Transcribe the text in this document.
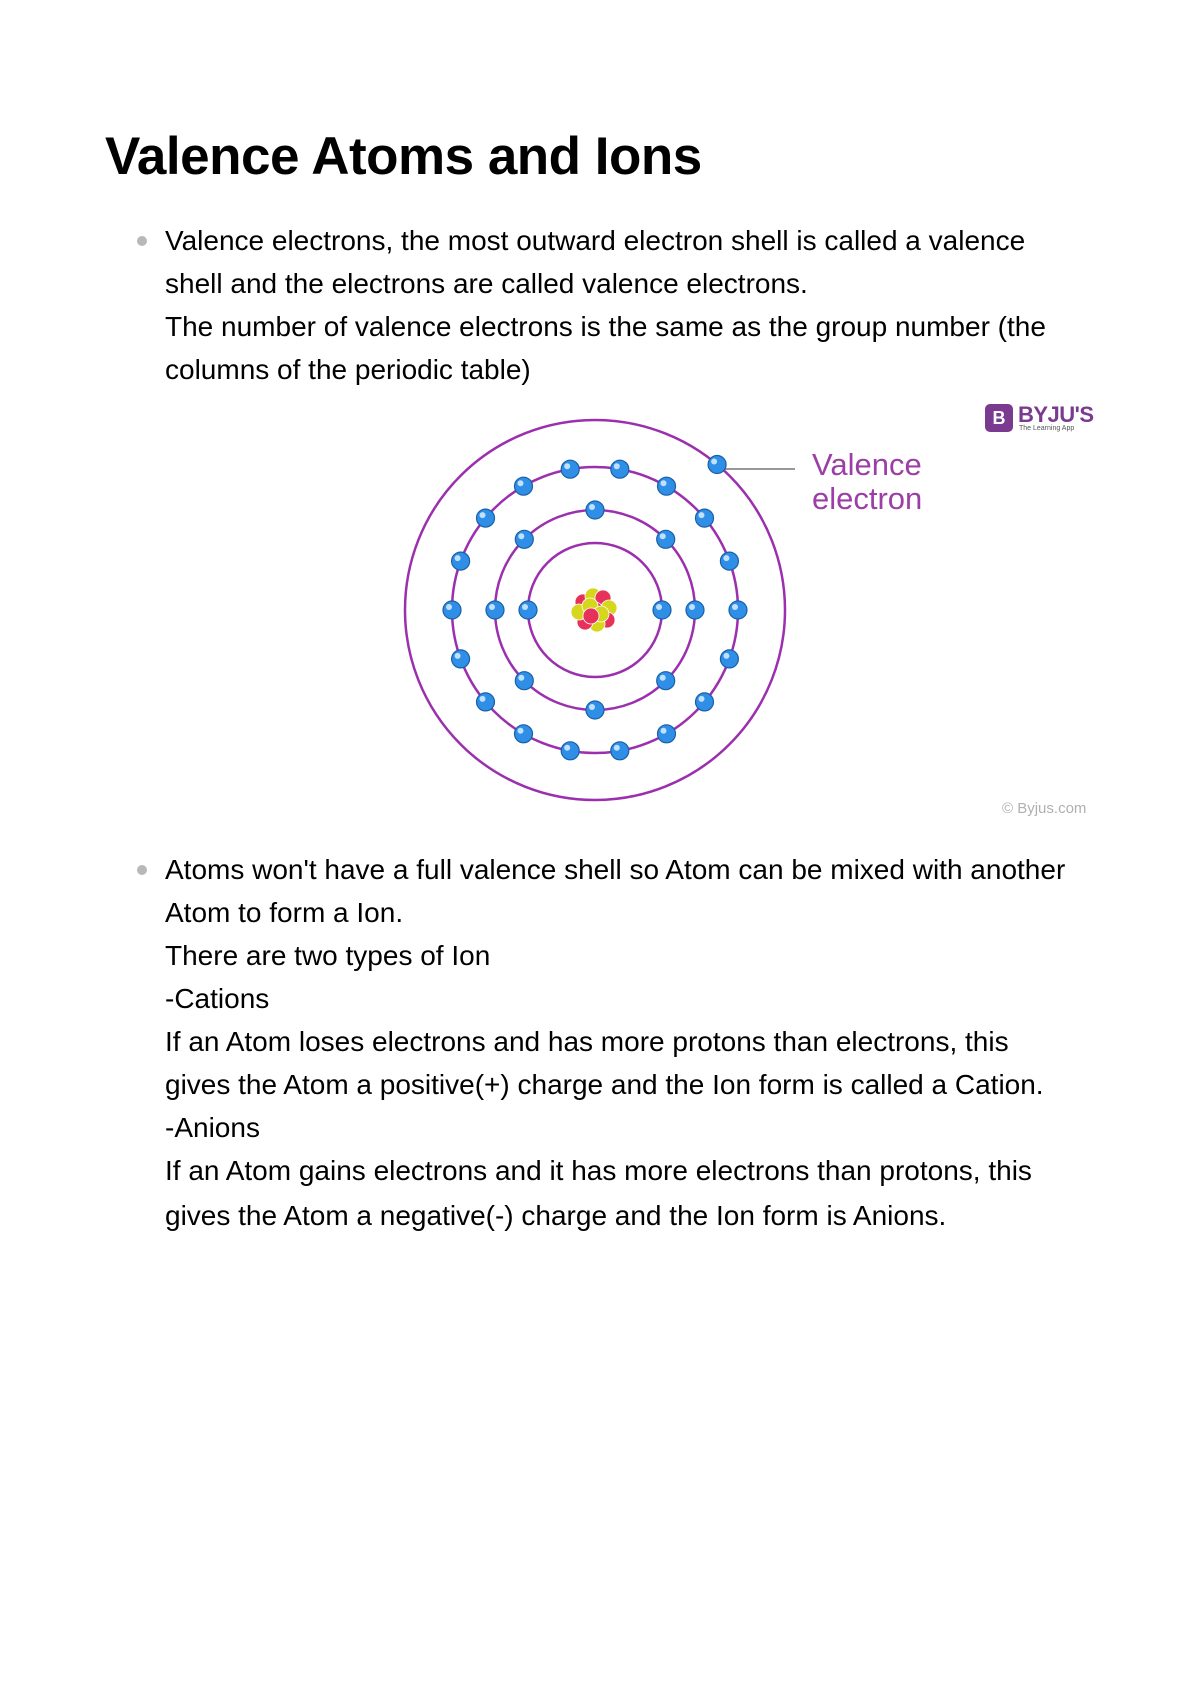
Valence Atoms and Ions
Valence electrons, the most outward electron shell is called a valence
shell and the electrons are called valence electrons.
The number of valence electrons is the same as the group number (the
columns of the periodic table)
B BYJU'S
The Learning App
Valence
electron
© Byjus.com
Atoms won't have a full valence shell so Atom can be mixed with another
Atom to form a Ion.
There are two types of Ion
-Cations
If an Atom loses electrons and has more protons than electrons, this
gives the Atom a positive(+) charge and the Ion form is called a Cation.
-Anions
If an Atom gains electrons and it has more electrons than protons, this
gives the Atom a negative(-) charge and the Ion form is Anions.
